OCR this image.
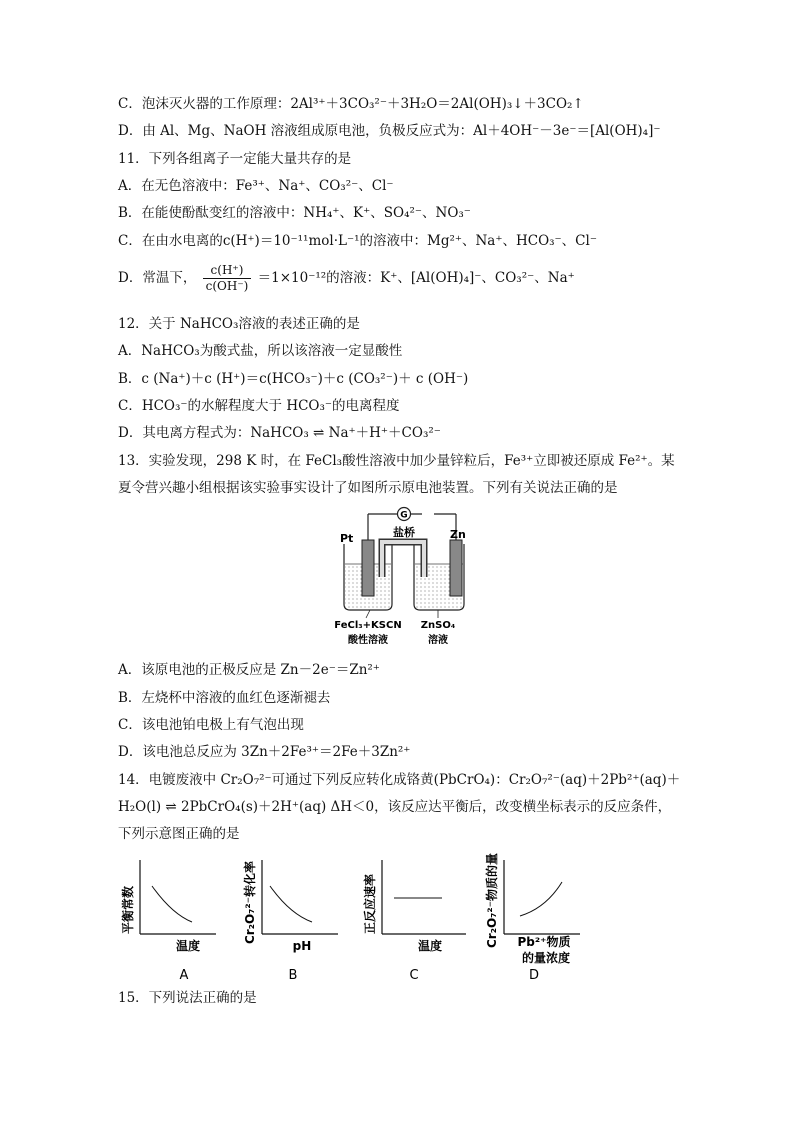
C．泡沫灭火器的工作原理：2Al³⁺＋3CO₃²⁻＋3H₂O＝2Al(OH)₃↓＋3CO₂↑
D．由 Al、Mg、NaOH 溶液组成原电池，负极反应式为：Al＋4OH⁻－3e⁻＝[Al(OH)₄]⁻
11．下列各组离子一定能大量共存的是
A．在无色溶液中：Fe³⁺、Na⁺、CO₃²⁻、Cl⁻
B．在能使酚酞变红的溶液中：NH₄⁺、K⁺、SO₄²⁻、NO₃⁻
C．在由水电离的c(H⁺)＝10⁻¹¹mol·L⁻¹的溶液中：Mg²⁺、Na⁺、HCO₃⁻、Cl⁻
D．常温下， $\frac{c(H^+)}{c(OH^-)} =1\times 10^{-12}$的溶液：K⁺、[Al(OH)₄]⁻、CO₃²⁻、Na⁺
12．关于 NaHCO₃溶液的表述正确的是
A．NaHCO₃为酸式盐，所以该溶液一定显酸性
B．c (Na⁺)＋c (H⁺)＝c(HCO₃⁻)＋c (CO₃²⁻)＋ c (OH⁻)
C．HCO₃⁻的水解程度大于 HCO₃⁻的电离程度
D．其电离方程式为：NaHCO₃ ⇌ Na⁺＋H⁺＋CO₃²⁻
13．实验发现，298 K 时，在 FeCl₃酸性溶液中加少量锌粒后，Fe³⁺立即被还原成 Fe²⁺。某
夏令营兴趣小组根据该实验事实设计了如图所示原电池装置。下列有关说法正确的是
G
Pt	Zn
盐桥
FeCl₃+KSCN
酸性溶液
ZnSO₄
溶液
A．该原电池的正极反应是 Zn－2e⁻＝Zn²⁺
B．左烧杯中溶液的血红色逐渐褪去
C．该电池铂电极上有气泡出现
D．该电池总反应为 3Zn＋2Fe³⁺＝2Fe＋3Zn²⁺
14．电镀废液中 Cr₂O₇²⁻可通过下列反应转化成铬黄(PbCrO₄)：Cr₂O₇²⁻(aq)＋2Pb²⁺(aq)＋
H₂O(l) ⇌ 2PbCrO₄(s)＋2H⁺(aq) ΔH＜0，该反应达平衡后，改变横坐标表示的反应条件，
下列示意图正确的是
平衡常数
温度
A
Cr₂O₇²⁻转化率
pH
B
正反应速率
温度
C
Cr₂O₇²⁻物质的量 Pb²⁺物质
的量浓度
D
15．下列说法正确的是
